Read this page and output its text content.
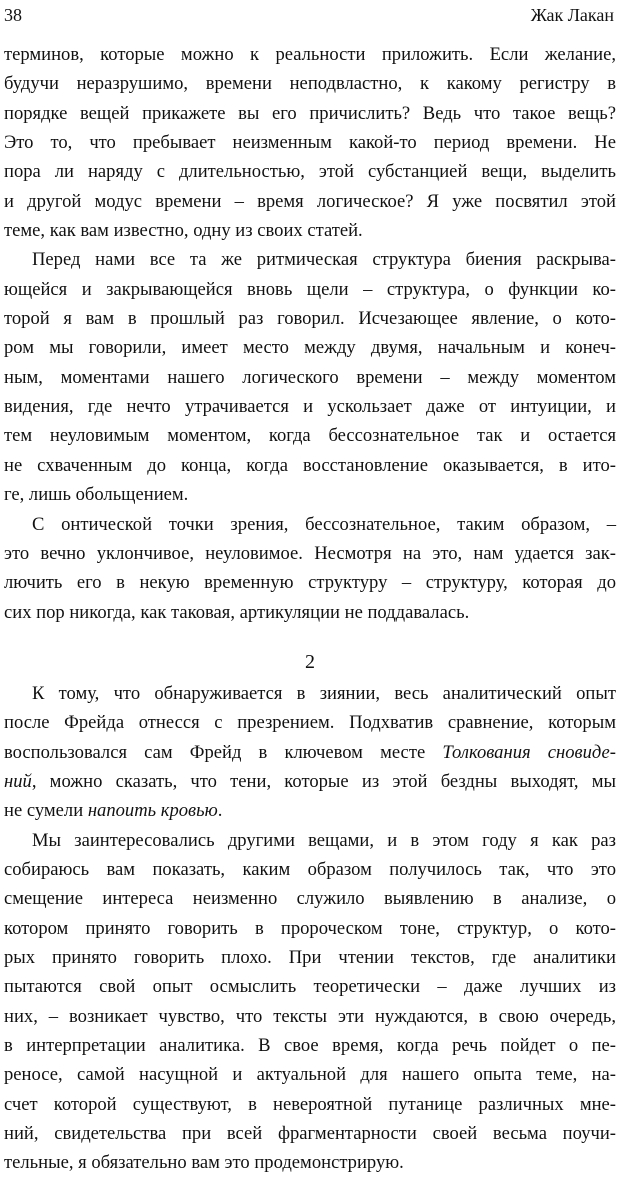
38	Жак Лакан
терминов, которые можно к реальности приложить. Если желание,
будучи неразрушимо, времени неподвластно, к какому регистру в
порядке вещей прикажете вы его причислить? Ведь что такое вещь?
Это то, что пребывает неизменным какой-то период времени. Не
пора ли наряду с длительностью, этой субстанцией вещи, выделить
и другой модус времени – время логическое? Я уже посвятил этой
теме, как вам известно, одну из своих статей.
Перед нами все та же ритмическая структура биения раскрыва-
ющейся и закрывающейся вновь щели – структура, о функции ко-
торой я вам в прошлый раз говорил. Исчезающее явление, о кото-
ром мы говорили, имеет место между двумя, начальным и конеч-
ным, моментами нашего логического времени – между моментом
видения, где нечто утрачивается и ускользает даже от интуиции, и
тем неуловимым моментом, когда бессознательное так и остается
не схваченным до конца, когда восстановление оказывается, в ито-
ге, лишь обольщением.
С онтической точки зрения, бессознательное, таким образом, –
это вечно уклончивое, неуловимое. Несмотря на это, нам удается зак-
лючить его в некую временную структуру – структуру, которая до
сих пор никогда, как таковая, артикуляции не поддавалась.
2
К тому, что обнаруживается в зиянии, весь аналитический опыт
после Фрейда отнесся с презрением. Подхватив сравнение, которым
воспользовался сам Фрейд в ключевом месте Толкования сновиде-
ний, можно сказать, что тени, которые из этой бездны выходят, мы
не сумели напоить кровью.
Мы заинтересовались другими вещами, и в этом году я как раз
собираюсь вам показать, каким образом получилось так, что это
смещение интереса неизменно служило выявлению в анализе, о
котором принято говорить в пророческом тоне, структур, о кото-
рых принято говорить плохо. При чтении текстов, где аналитики
пытаются свой опыт осмыслить теоретически – даже лучших из
них, – возникает чувство, что тексты эти нуждаются, в свою очередь,
в интерпретации аналитика. В свое время, когда речь пойдет о пе-
реносе, самой насущной и актуальной для нашего опыта теме, на-
счет которой существуют, в невероятной путанице различных мне-
ний, свидетельства при всей фрагментарности своей весьма поучи-
тельные, я обязательно вам это продемонстрирую.
